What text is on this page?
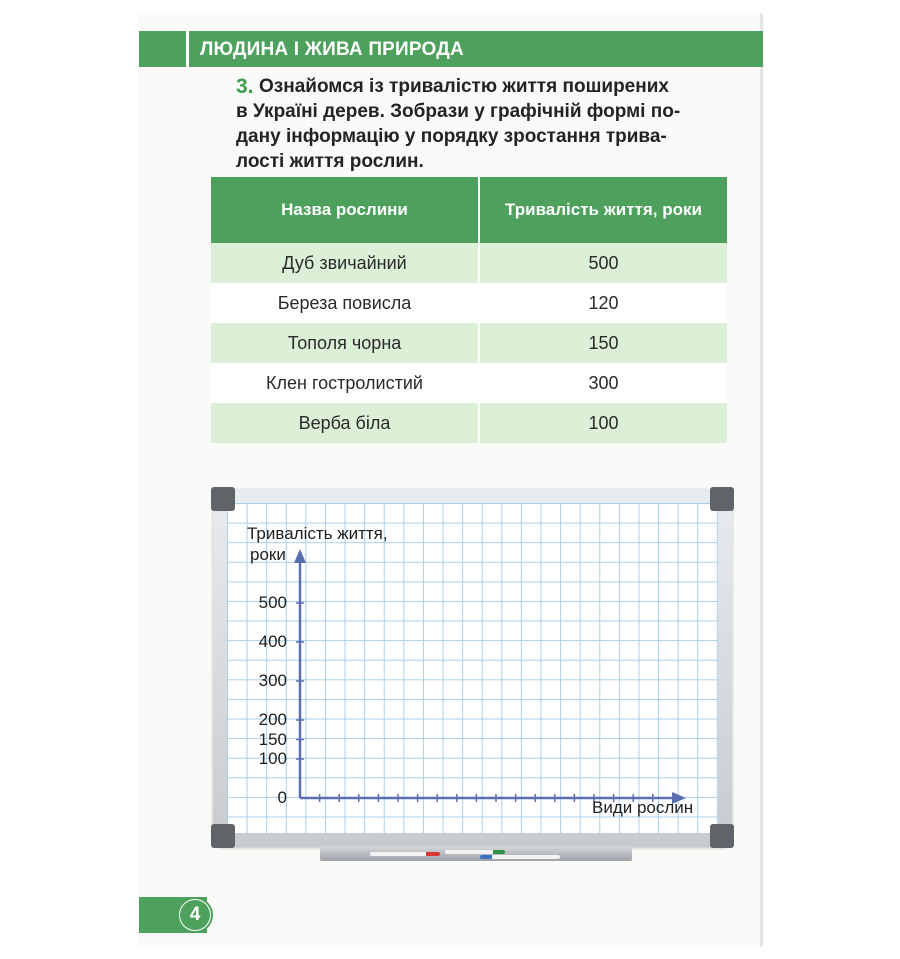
ЛЮДИНА І ЖИВА ПРИРОДА
3. Ознайомся із тривалістю життя поширених
в Україні дерев. Зобрази у графічній формі по-
дану інформацію у порядку зростання трива-
лості життя рослин.
Назва рослини	Тривалість життя, роки
Дуб звичайний	500
Береза повисла	120
Тополя чорна	150
Клен гостролистий	300
Верба біла	100
Тривалість життя,
роки
Види рослин
0
100
150
200
300
400
500
4
